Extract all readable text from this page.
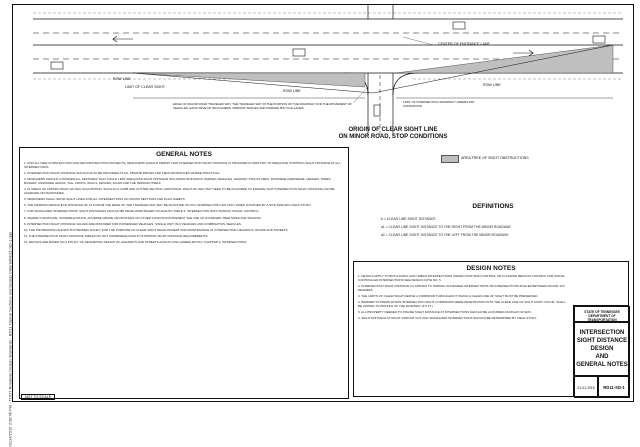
01/14/2015 3:38:46 PM - TDOT Roadway Design Standards - RD11 Typical Sections and Design Criteria/RD11-SD-1.dgn
CENTER OF ENTRANCE LANE
ROW LINE
LIMIT OF CLEAR SIGHT
ROW LINE
ROW LINE
EDGE OF MAJOR ROAD TRAVELED WAY. THE TRAVELED WAY IN THE PORTION OF THE ROADWAY FOR THE MOVEMENT OF VEHICLES, EXCLUSIVE OF SHOULDERS, PARKING SPACES AND MARKED BICYCLE LANES.
LIMIT OF INTERSECTING ROADWAY UNDERSTOP CONDITIONS
ORIGIN OF CLEAR SIGHT LINE
ON MINOR ROAD, STOP CONDITIONS
AREA FREE OF SIGHT OBSTRUCTIONS
GENERAL NOTES
1. FOR ALL NEW CONSTRUCTION AND RECONSTRUCTION PROJECTS, DESIGNERS SHOULD PERMIT THAT INTERSECTION SIGHT DISTANCE IS PROVIDED IN ADDITION TO ADEQUATE STOPPING SIGHT DISTANCE AT ALL INTERSECTIONS.
2. INTERSECTION SIGHT DISTANCE SHOULD ALSO BE PROVIDED AT ALL PRIVATE DRIVES AND FIELD ENTRANCES WHERE PRACTICAL.
3. DESIGNERS SHOULD CONSIDER ALL FEATURES THAT COULD LIMIT ADEQUATE SIGHT DISTANCE INCLUDING BUILDINGS, PARKED VEHICLES, HIGHWAY STRUCTURES, ROADSIDE HARDWARE, HEDGES, TREES, BUSHES, UNMOWED GRASS, TALL CROPS, WALLS, FENCES, SIGNS AND THE TERRAIN ITSELF.
4. IN AREAS OF LIMITED RIGHT-OF-WAY ACQUISITION, SUCH AS A CURB AND GUTTER SECTION, ADDITIONAL RIGHT-OF-WAY MAY NEED TO BE ACQUIRED TO ENSURE THAT INTERSECTION SIGHT DISTANCE CAN BE ACHIEVED OR MAINTAINED.
5. DESIGNERS SHALL SHOW SIGHT LINES FOR ALL INTERSECTIONS ON CROSS SECTIONS AND PLAN SHEETS.
6. THE MINIMUM DESIGN ECD DISTANCE OF 14.5 FROM THE EDGE OF THE TRAVELED WAY MAY BE ADJUSTED ON ANY INTERSECTION LEG ONLY WHEN JUSTIFIED BY A SITE SPECIFIC FIELD STUDY.
7. FOR SIGNALIZED INTERSECTIONS, SIGHT DISTANCES SHOULD BE DEVELOPED BASED ON AASHTO TABLE 9. INTERSECTION WITH TRAFFIC SIGNAL CONTROL.
8. WHERE CURVATURE, SUPERELEVATION, ADVERSE GRADE OR PROFILES ON OTHER CONDITIONS PRESENT THE USE OF STANDARD TREE SIZES AND SPACING.
9. INTERSECTION SIGHT DISTANCE VALUES ARE PROVIDED FOR PASSENGER VEHICLES, SINGLE UNIT (SU) VEHICLES AND COMBINATION VEHICLES.
10. THE INFORMATION SHOWN IS INTENDED SOLELY FOR THE PURPOSE OF CLEAR SIGHT DEVELOPMENT AND MAINTENANCE AT INTERSECTING HIGHWAYS, ROADS AND STREETS.
11. THE INTERSECTION SIGHT DISTANCE TABLES DO NOT SUPERSEDE AASHTO STOPPING SIGHT DISTANCE REQUIREMENTS.
12. DETAILS ARE BASED ON A POLICY OF GEOMETRIC DESIGN OF HIGHWAYS AND STREETS AASHTO 2011 (GREEN BOOK), CHAPTER 9, INTERSECTIONS.
DEFINITIONS
b = CLEAR LINE SIGHT DISTANCE
a1 = CLEAR LINE SIGHT DISTANCE TO THE RIGHT FROM THE MINOR ROADWAY
a2 = CLEAR LINE SIGHT DISTANCE TO THE LEFT FROM THE MINOR ROADWAY
DESIGN NOTES
1. DETAILS APPLY TO BOTH RURAL AND URBAN INTERSECTIONS UNDER STOP SIGN CONTROL OR FLASHING BEACON CONTROL FOR SIGNAL CONTROLLED INTERSECTIONS SEE DESIGN NOTE NO. 5.
2. INTERSECTION SIGHT DISTANCE (b) APPLIES TO NORMAL 90 DEGREE INTERSECTIONS OR INTERSECTIONS ANGLES BETWEEN 60 AND 120 DEGREES.
3. THE LIMITS OF CLEAR SIGHT DEFINE A CORRIDOR THROUGHOUT WHICH A CLEAR LINE OF SIGHT MUST BE PRESERVED.
4. BARRIER SYSTEMS WITHIN INTERSECTION SIGHT CORRIDORS WERE PENETRATION INTO THE CLEAR LINE OF SIGHT MUST OCCUR, SHALL BE LIMITED TO PROFILE OF THE ROADWAY (3.5 FT.).
5. ALL PROPERTY NEEDED TO INSURE SIGHT DISTANCE AT INTERSECTIONS SHOULD BE ACQUIRED AS RIGHT-OF-WAY.
6. SIGHT DISTANCE AT RIGHT IN/RIGHT OUT AND SIGNALIZED INTERSECTIONS SHOULD BE DETERMINED BY FIELD STUDY.
STATE OF TENNESSEE
DEPARTMENT OF TRANSPORTATION
INTERSECTION
SIGHT DISTANCE
DESIGN
AND
GENERAL NOTES
01-01-2015	RD11-SD-1
NOT TO SCALE
